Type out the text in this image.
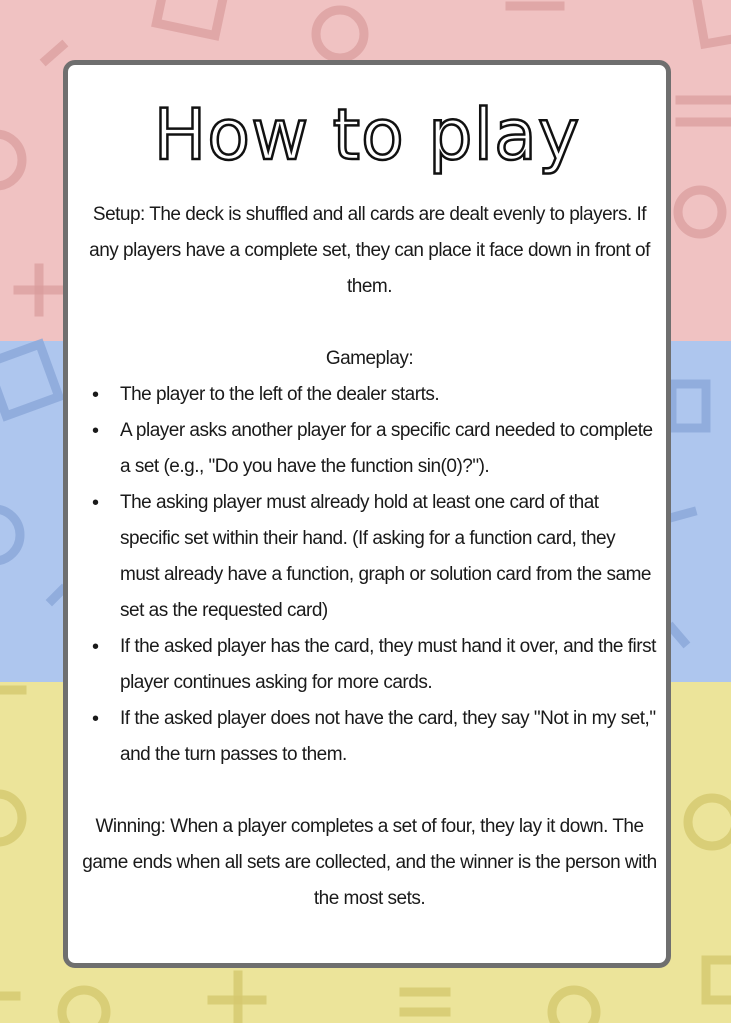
How to play

Setup: The deck is shuffled and all cards are dealt evenly to players. If any players have a complete set, they can place it face down in front of them.

Gameplay:

• The player to the left of the dealer starts.
• A player asks another player for a specific card needed to complete a set (e.g., "Do you have the function sin(0)?").
• The asking player must already hold at least one card of that specific set within their hand. (If asking for a function card, they must already have a function, graph or solution card from the same set as the requested card)
• If the asked player has the card, they must hand it over, and the first player continues asking for more cards.
• If the asked player does not have the card, they say "Not in my set," and the turn passes to them.

Winning: When a player completes a set of four, they lay it down. The game ends when all sets are collected, and the winner is the person with the most sets.
